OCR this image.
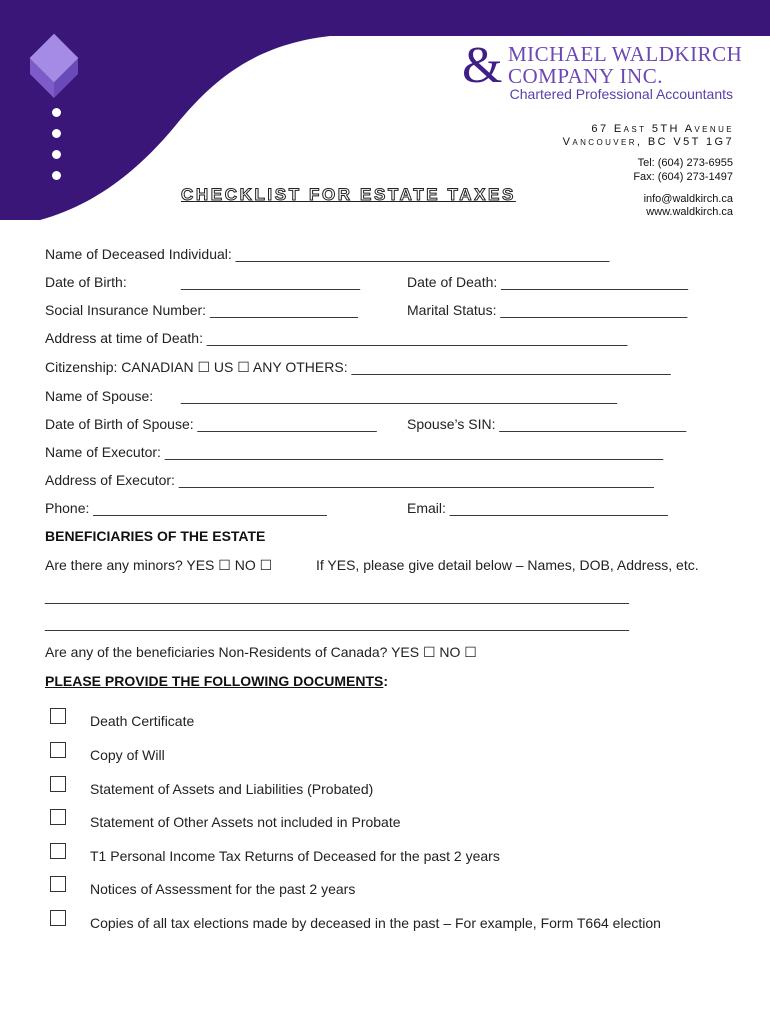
& MICHAEL WALDKIRCH
COMPANY INC.
Chartered Professional Accountants
67 East 5TH Avenue
Vancouver, BC V5T 1G7
Tel: (604) 273-6955
Fax: (604) 273-1497
info@waldkirch.ca
www.waldkirch.ca
CHECKLIST FOR ESTATE TAXES
Name of Deceased Individual: ________________________________________________
Date of Birth:	_______________________	Date of Death: ________________________
Social Insurance Number: ___________________	Marital Status: ________________________
Address at time of Death: ______________________________________________________
Citizenship: CANADIAN ☐ US ☐ ANY OTHERS: _________________________________________
Name of Spouse: ________________________________________________________
Date of Birth of Spouse: _______________________ Spouse’s SIN: ________________________
Name of Executor: ________________________________________________________________
Address of Executor: _____________________________________________________________
Phone: ______________________________	Email: ____________________________
BENEFICIARIES OF THE ESTATE
Are there any minors? YES ☐ NO ☐	If YES, please give detail below – Names, DOB, Address, etc.
___________________________________________________________________________
___________________________________________________________________________
Are any of the beneficiaries Non-Residents of Canada? YES ☐ NO ☐
PLEASE PROVIDE THE FOLLOWING DOCUMENTS:
Death Certificate
Copy of Will
Statement of Assets and Liabilities (Probated)
Statement of Other Assets not included in Probate
T1 Personal Income Tax Returns of Deceased for the past 2 years
Notices of Assessment for the past 2 years
Copies of all tax elections made by deceased in the past – For example, Form T664 election
